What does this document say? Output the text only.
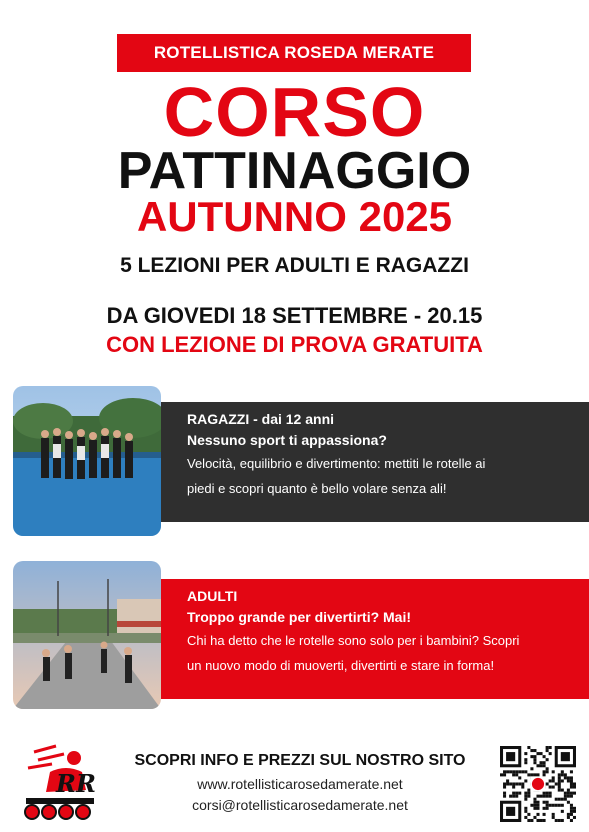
ROTELLISTICA ROSEDA MERATE
CORSO
PATTINAGGIO
AUTUNNO 2025
5 LEZIONI PER ADULTI E RAGAZZI
DA GIOVEDI 18 SETTEMBRE - 20.15
CON LEZIONE DI PROVA GRATUITA
RAGAZZI - dai 12 anni
Nessuno sport ti appassiona?
Velocità, equilibrio e divertimento: mettiti le rotelle ai
piedi e scopri quanto è bello volare senza ali!
ADULTI
Troppo grande per divertirti? Mai!
Chi ha detto che le rotelle sono solo per i bambini? Scopri
un nuovo modo di muoverti, divertirti e stare in forma!
RR
SCOPRI INFO E PREZZI SUL NOSTRO SITO
www.rotellisticarosedamerate.net
corsi@rotellisticarosedamerate.net
